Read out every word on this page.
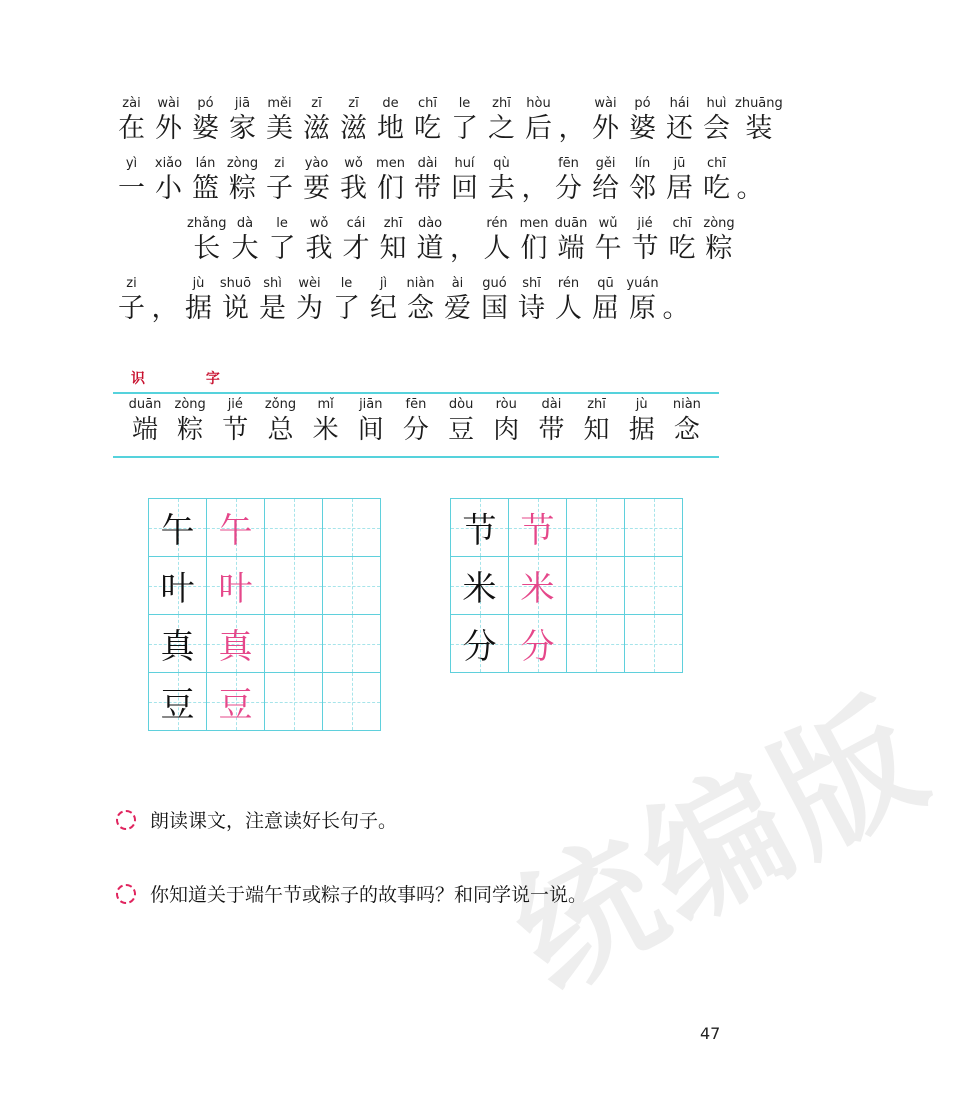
统编版
zài
在
wài
外
pó
婆
jiā
家
měi
美
zī
滋
zī
滋
de
地
chī
吃
le
了
zhī
之
hòu
后 ，
wài
外
pó
婆
hái
还
huì
会
zhuāng
装
yì
一
xiǎo
小
lán
篮
zòng
粽
zi
子
yào
要
wǒ
我
men
们
dài
带
huí
回
qù
去 ，
fēn
分
gěi
给
lín
邻
jū
居
chī
吃 。
zhǎng
长
dà
大
le
了
wǒ
我
cái
才
zhī
知
dào
道 ，
rén
人
men
们
duān
端
wǔ
午
jié
节
chī
吃
zòng
粽
zi
子 ，
jù
据
shuō
说
shì
是
wèi
为
le
了
jì
纪
niàn
念
ài
爱
guó
国
shī
诗
rén
人
qū
屈
yuán
原 。
识 字
duān
端
zòng
粽
jié
节
zǒng
总
mǐ
米
jiān
间
fēn
分
dòu
豆
ròu
肉
dài
带
zhī
知
jù
据
niàn
念
午	午		
叶	叶		
真	真		
豆	豆		
节	节		
米	米		
分	分		
朗读课文，注意读好长句子。
你知道关于端午节或粽子的故事吗？和同学说一说。
47
